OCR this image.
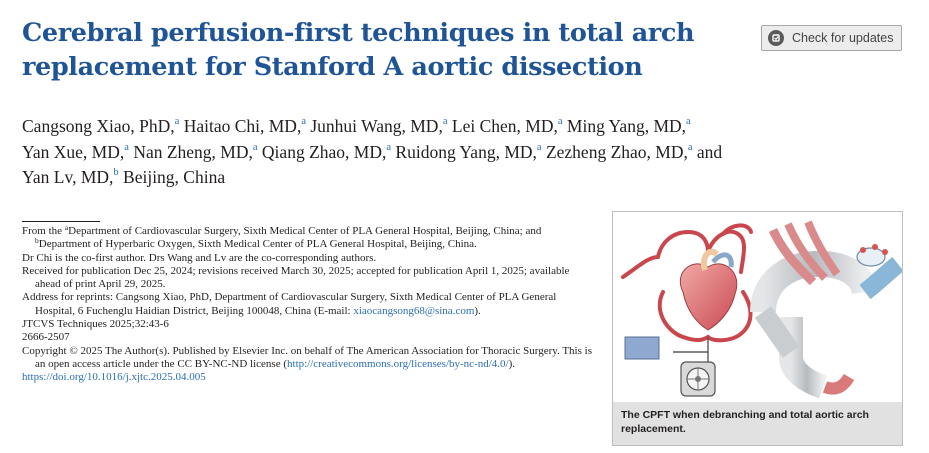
Cerebral perfusion-first techniques in total arch replacement for Stanford A aortic dissection
Check for updates

Cangsong Xiao, PhD,$^a$ Haitao Chi, MD,$^a$ Junhui Wang, MD,$^a$ Lei Chen, MD,$^a$ Ming Yang, MD,$^a$
Yan Xue, MD,$^a$ Nan Zheng, MD,$^a$ Qiang Zhao, MD,$^a$ Ruidong Yang, MD,$^a$ Zezheng Zhao, MD,$^a$ and
Yan Lv, MD,$^b$ Beijing, China

From the $^a$Department of Cardiovascular Surgery, Sixth Medical Center of PLA General Hospital, Beijing, China; and $^b$Department of Hyperbaric Oxygen, Sixth Medical Center of PLA General Hospital, Beijing, China.

Dr Chi is the co-first author. Drs Wang and Lv are the co-corresponding authors.

Received for publication Dec 25, 2024; revisions received March 30, 2025; accepted for publication April 1, 2025; available ahead of print April 29, 2025.

Address for reprints: Cangsong Xiao, PhD, Department of Cardiovascular Surgery, Sixth Medical Center of PLA General Hospital, 6 Fuchenglu Haidian District, Beijing 100048, China (E-mail: xiaocangsong68@sina.com).

JTCVS Techniques 2025;32:43-6

2666-2507

Copyright © 2025 The Author(s). Published by Elsevier Inc. on behalf of The American Association for Thoracic Surgery. This is an open access article under the CC BY-NC-ND license (http://creativecommons.org/licenses/by-nc-nd/4.0/).

https://doi.org/10.1016/j.xjtc.2025.04.005

The CPFT when debranching and total aortic arch replacement.
